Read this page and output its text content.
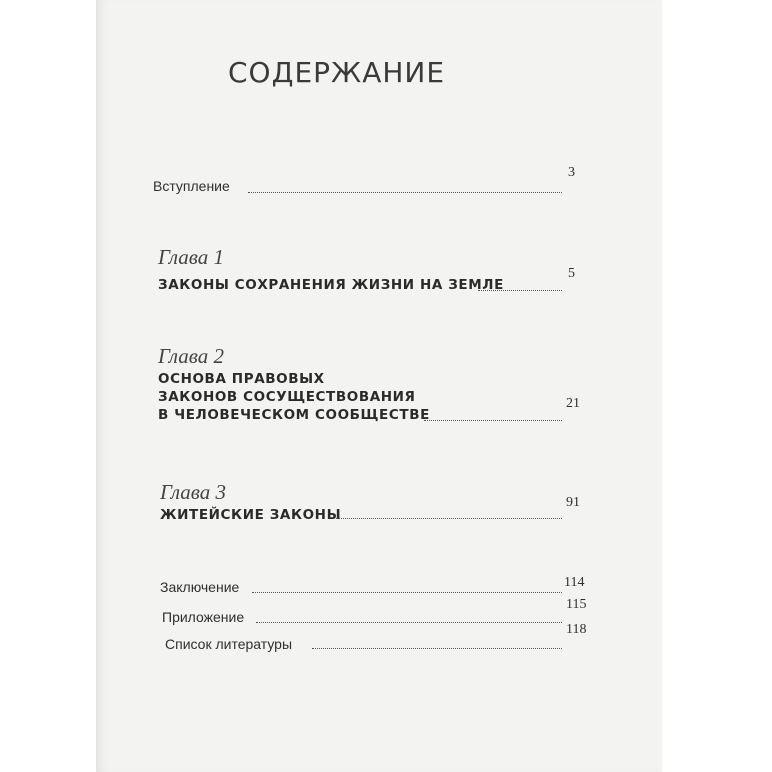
СОДЕРЖАНИЕ
Вступление
3
Глава 1
ЗАКОНЫ СОХРАНЕНИЯ ЖИЗНИ НА ЗЕМЛЕ
5
Глава 2
ОСНОВА ПРАВОВЫХ
ЗАКОНОВ СОСУЩЕСТВОВАНИЯ
В ЧЕЛОВЕЧЕСКОМ СООБЩЕСТВЕ
21
Глава 3
ЖИТЕЙСКИЕ ЗАКОНЫ
91
Заключение	114
Приложение
115
Список литературы
118
